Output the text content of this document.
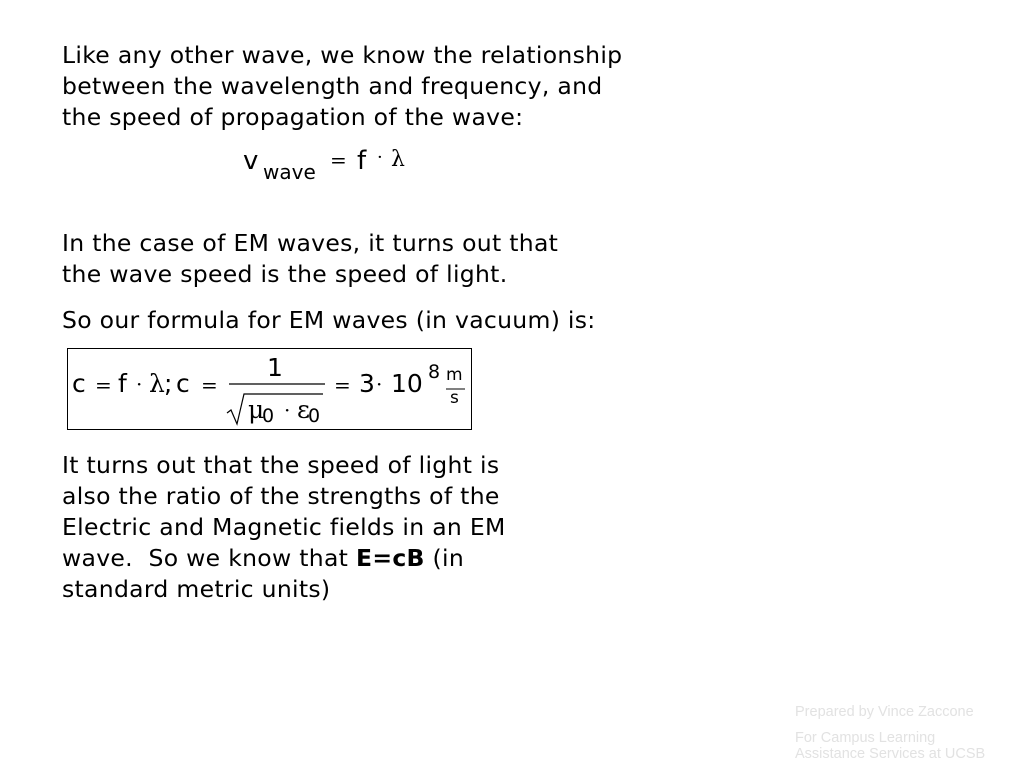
Like any other wave, we know the relationship
between the wavelength and frequency, and
the speed of propagation of the wave:

v wave = f · λ

In the case of EM waves, it turns out that
the wave speed is the speed of light.

So our formula for EM waves (in vacuum) is:

c = f · λ ; c =
1
μ
0 · ε
0
= 3 · 10 8 m
s

It turns out that the speed of light is
also the ratio of the strengths of the
Electric and Magnetic fields in an EM
wave.  So we know that E=cB (in
standard metric units)

Prepared by Vince Zaccone
For Campus Learning
Assistance Services at UCSB
